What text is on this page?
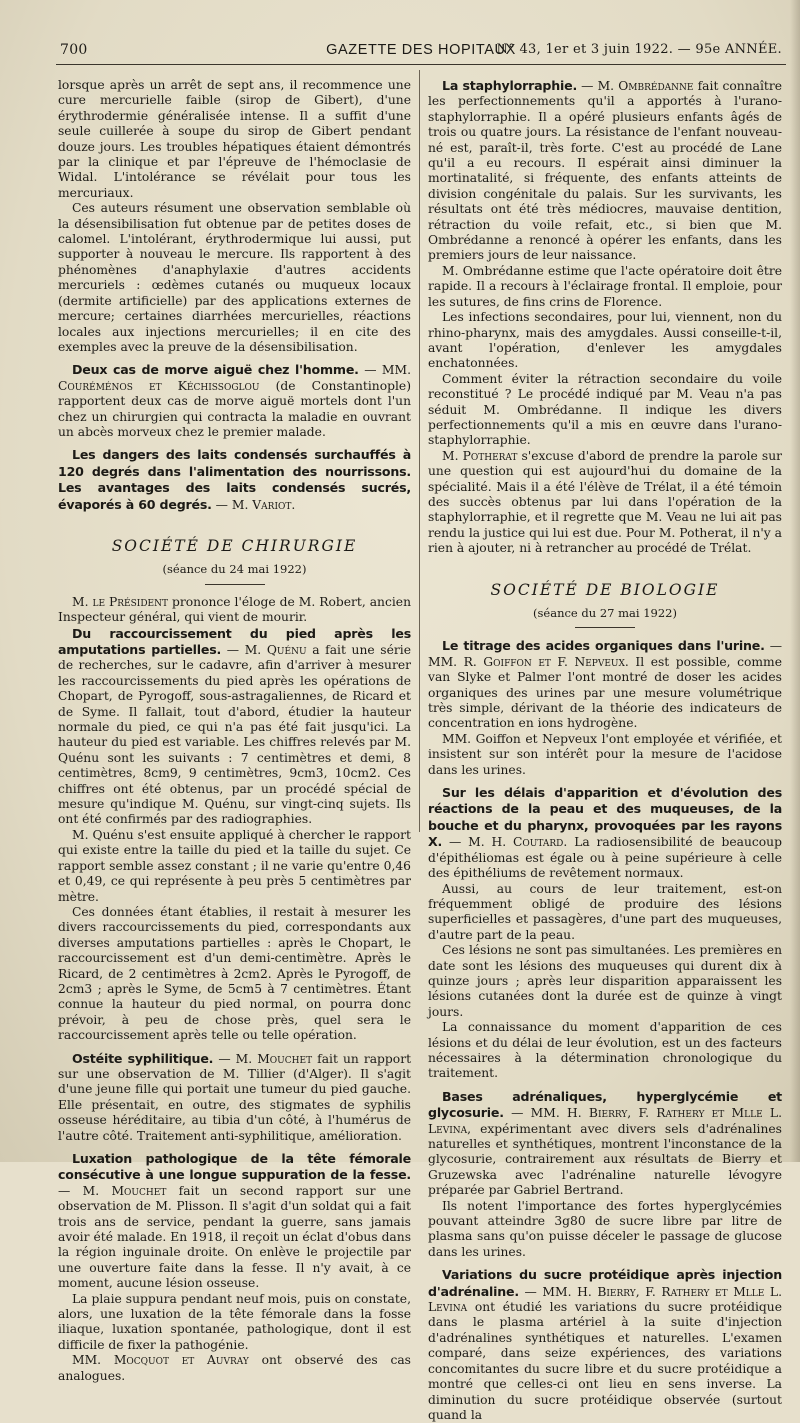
700	GAZETTE DES HOPITAUX
N° 43, 1er et 3 juin 1922. — 95e ANNÉE.

lorsque après un arrêt de sept ans, il recommence une cure mercurielle faible (sirop de Gibert), d'une érythrodermie généralisée intense. Il a suffit d'une seule cuillerée à soupe du sirop de Gibert pendant douze jours. Les troubles hépatiques étaient démontrés par la clinique et par l'épreuve de l'hémoclasie de Widal. L'intolérance se révélait pour tous les mercuriaux.

Ces auteurs résument une observation semblable où la désensibilisation fut obtenue par de petites doses de calomel. L'intolérant, érythrodermique lui aussi, put supporter à nouveau le mercure. Ils rapportent à des phénomènes d'anaphylaxie d'autres accidents mercuriels : œdèmes cutanés ou muqueux locaux (dermite artificielle) par des applications externes de mercure; certaines diarrhées mercurielles, réactions locales aux injections mercurielles; il en cite des exemples avec la preuve de la désensibilisation.

Deux cas de morve aiguë chez l'homme. — MM. Couréménos et Kéchissoglou (de Constantinople) rapportent deux cas de morve aiguë mortels dont l'un chez un chirurgien qui contracta la maladie en ouvrant un abcès morveux chez le premier malade.

Les dangers des laits condensés surchauffés à 120 degrés dans l'alimentation des nourrissons. Les avantages des laits condensés sucrés, évaporés à 60 degrés. — M. Variot.

SOCIÉTÉ DE CHIRURGIE

(séance du 24 mai 1922)

M. le Président prononce l'éloge de M. Robert, ancien Inspecteur général, qui vient de mourir.

Du raccourcissement du pied après les amputations partielles. — M. Quénu a fait une série de recherches, sur le cadavre, afin d'arriver à mesurer les raccourcissements du pied après les opérations de Chopart, de Pyrogoff, sous-astragaliennes, de Ricard et de Syme. Il fallait, tout d'abord, étudier la hauteur normale du pied, ce qui n'a pas été fait jusqu'ici. La hauteur du pied est variable. Les chiffres relevés par M. Quénu sont les suivants : 7 centimètres et demi, 8 centimètres, 8cm9, 9 centimètres, 9cm3, 10cm2. Ces chiffres ont été obtenus, par un procédé spécial de mesure qu'indique M. Quénu, sur vingt-cinq sujets. Ils ont été confirmés par des radiographies.

M. Quénu s'est ensuite appliqué à chercher le rapport qui existe entre la taille du pied et la taille du sujet. Ce rapport semble assez constant ; il ne varie qu'entre 0,46 et 0,49, ce qui représente à peu près 5 centimètres par mètre.

Ces données étant établies, il restait à mesurer les divers raccourcissements du pied, correspondants aux diverses amputations partielles : après le Chopart, le raccourcissement est d'un demi-centimètre. Après le Ricard, de 2 centimètres à 2cm2. Après le Pyrogoff, de 2cm3 ; après le Syme, de 5cm5 à 7 centimètres. Étant connue la hauteur du pied normal, on pourra donc prévoir, à peu de chose près, quel sera le raccourcissement après telle ou telle opération.

Ostéite syphilitique. — M. Mouchet fait un rapport sur une observation de M. Tillier (d'Alger). Il s'agit d'une jeune fille qui portait une tumeur du pied gauche. Elle présentait, en outre, des stigmates de syphilis osseuse héréditaire, au tibia d'un côté, à l'humérus de l'autre côté. Traitement anti-syphilitique, amélioration.

Luxation pathologique de la tête fémorale consécutive à une longue suppuration de la fesse. — M. Mouchet fait un second rapport sur une observation de M. Plisson. Il s'agit d'un soldat qui a fait trois ans de service, pendant la guerre, sans jamais avoir été malade. En 1918, il reçoit un éclat d'obus dans la région inguinale droite. On enlève le projectile par une ouverture faite dans la fesse. Il n'y avait, à ce moment, aucune lésion osseuse.

La plaie suppura pendant neuf mois, puis on constate, alors, une luxation de la tête fémorale dans la fosse iliaque, luxation spontanée, pathologique, dont il est difficile de fixer la pathogénie.

MM. Mocquot et Auvray ont observé des cas analogues.

La staphylorraphie. — M. Ombrédanne fait connaître les perfectionnements qu'il a apportés à l'urano-staphylorraphie. Il a opéré plusieurs enfants âgés de trois ou quatre jours. La résistance de l'enfant nouveau-né est, paraît-il, très forte. C'est au procédé de Lane qu'il a eu recours. Il espérait ainsi diminuer la mortinatalité, si fréquente, des enfants atteints de division congénitale du palais. Sur les survivants, les résultats ont été très médiocres, mauvaise dentition, rétraction du voile refait, etc., si bien que M. Ombrédanne a renoncé à opérer les enfants, dans les premiers jours de leur naissance.

M. Ombrédanne estime que l'acte opératoire doit être rapide. Il a recours à l'éclairage frontal. Il emploie, pour les sutures, de fins crins de Florence.

Les infections secondaires, pour lui, viennent, non du rhino-pharynx, mais des amygdales. Aussi conseille-t-il, avant l'opération, d'enlever les amygdales enchatonnées.

Comment éviter la rétraction secondaire du voile reconstitué ? Le procédé indiqué par M. Veau n'a pas séduit M. Ombrédanne. Il indique les divers perfectionnements qu'il a mis en œuvre dans l'urano-staphylorraphie.

M. Potherat s'excuse d'abord de prendre la parole sur une question qui est aujourd'hui du domaine de la spécialité. Mais il a été l'élève de Trélat, il a été témoin des succès obtenus par lui dans l'opération de la staphylorraphie, et il regrette que M. Veau ne lui ait pas rendu la justice qui lui est due. Pour M. Potherat, il n'y a rien à ajouter, ni à retrancher au procédé de Trélat.

SOCIÉTÉ DE BIOLOGIE

(séance du 27 mai 1922)

Le titrage des acides organiques dans l'urine. — MM. R. Goiffon et F. Nepveux. Il est possible, comme van Slyke et Palmer l'ont montré de doser les acides organiques des urines par une mesure volumétrique très simple, dérivant de la théorie des indicateurs de concentration en ions hydrogène.

MM. Goiffon et Nepveux l'ont employée et vérifiée, et insistent sur son intérêt pour la mesure de l'acidose dans les urines.

Sur les délais d'apparition et d'évolution des réactions de la peau et des muqueuses, de la bouche et du pharynx, provoquées par les rayons X. — M. H. Coutard. La radiosensibilité de beaucoup d'épithéliomas est égale ou à peine supérieure à celle des épithéliums de revêtement normaux.

Aussi, au cours de leur traitement, est-on fréquemment obligé de produire des lésions superficielles et passagères, d'une part des muqueuses, d'autre part de la peau.

Ces lésions ne sont pas simultanées. Les premières en date sont les lésions des muqueuses qui durent dix à quinze jours ; après leur disparition apparaissent les lésions cutanées dont la durée est de quinze à vingt jours.

La connaissance du moment d'apparition de ces lésions et du délai de leur évolution, est un des facteurs nécessaires à la détermination chronologique du traitement.

Bases adrénaliques, hyperglycémie et glycosurie. — MM. H. Bierry, F. Rathery et Mlle L. Levina, expérimentant avec divers sels d'adrénalines naturelles et synthétiques, montrent l'inconstance de la glycosurie, contrairement aux résultats de Bierry et Gruzewska avec l'adrénaline naturelle lévogyre préparée par Gabriel Bertrand.

Ils notent l'importance des fortes hyperglycémies pouvant atteindre 3g80 de sucre libre par litre de plasma sans qu'on puisse déceler le passage de glucose dans les urines.

Variations du sucre protéidique après injection d'adrénaline. — MM. H. Bierry, F. Rathery et Mlle L. Levina ont étudié les variations du sucre protéidique dans le plasma artériel à la suite d'injection d'adrénalines synthétiques et naturelles. L'examen comparé, dans seize expériences, des variations concomitantes du sucre libre et du sucre protéidique a montré que celles-ci ont lieu en sens inverse. La diminution du sucre protéidique observée (surtout quand la
